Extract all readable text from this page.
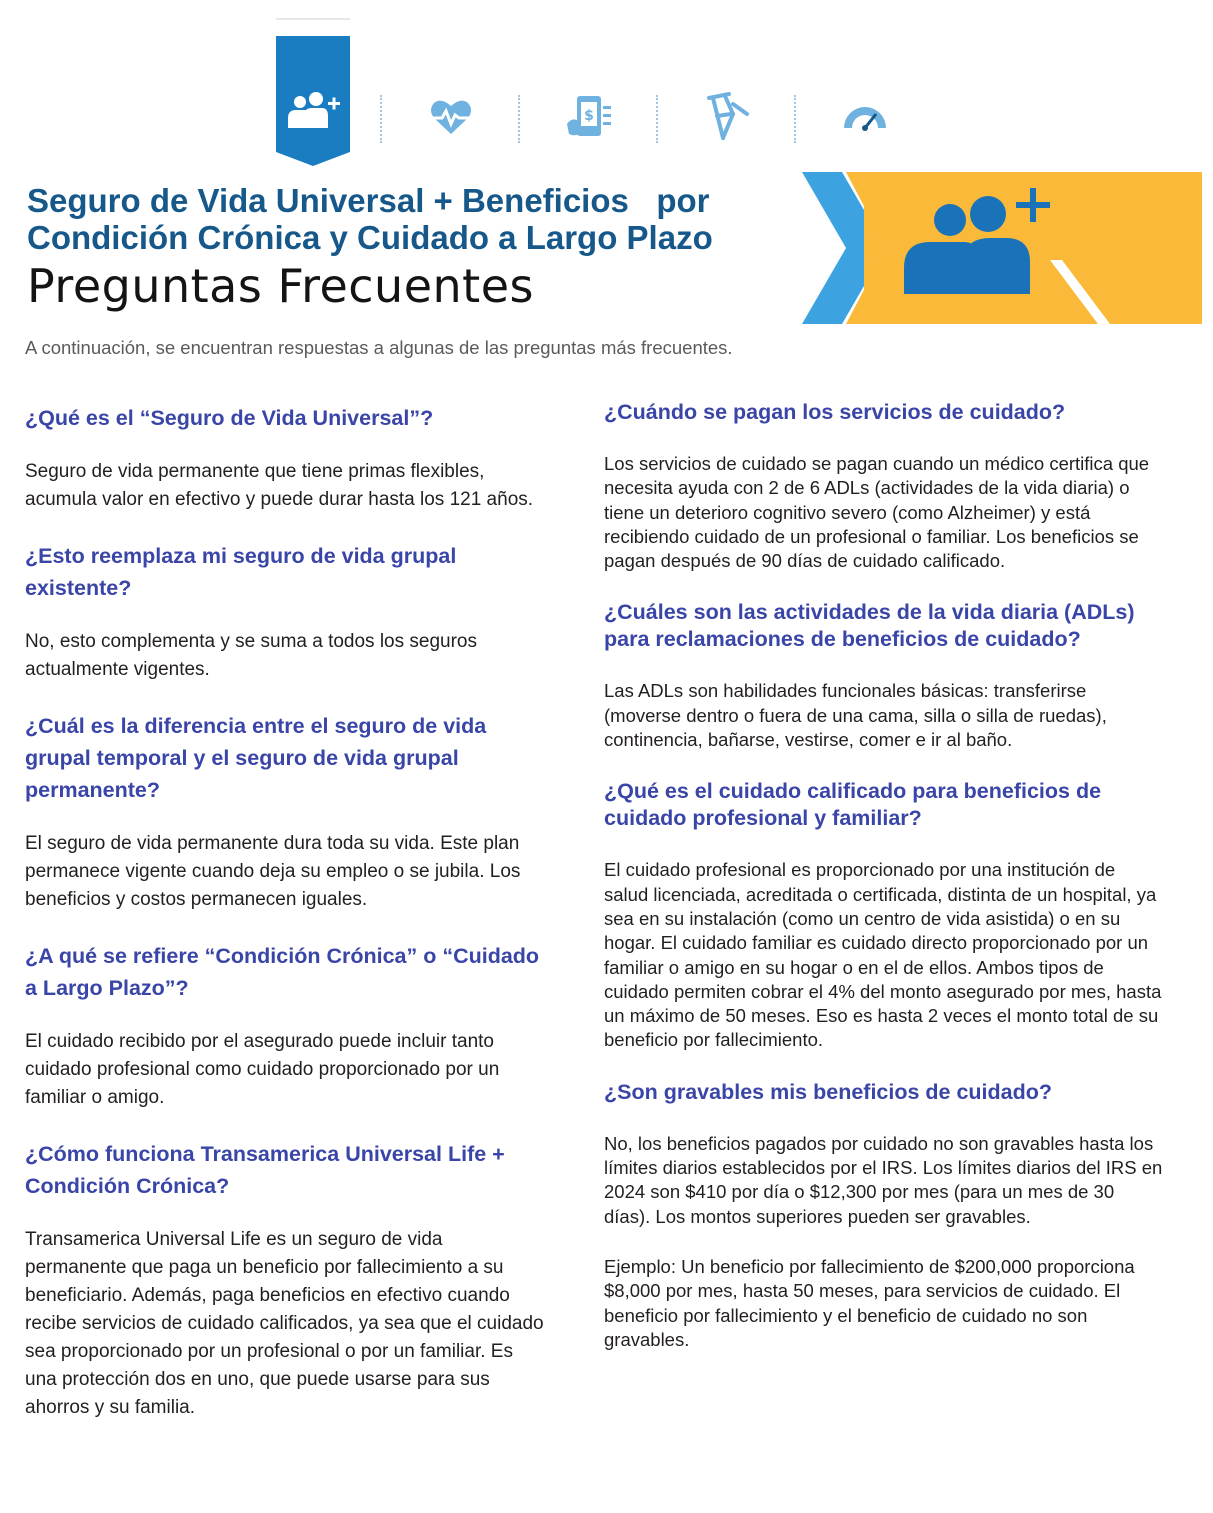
$
Seguro de Vida Universal + Beneficios   por
Condición Crónica y Cuidado a Largo Plazo
Preguntas Frecuentes

A continuación, se encuentran respuestas a algunas de las preguntas más frecuentes.

¿Qué es el “Seguro de Vida Universal”?

Seguro de vida permanente que tiene primas flexibles, acumula valor en efectivo y puede durar hasta los 121 años.

¿Esto reemplaza mi seguro de vida grupal existente?

No, esto complementa y se suma a todos los seguros actualmente vigentes.

¿Cuál es la diferencia entre el seguro de vida grupal temporal y el seguro de vida grupal permanente?

El seguro de vida permanente dura toda su vida. Este plan permanece vigente cuando deja su empleo o se jubila. Los beneficios y costos permanecen iguales.

¿A qué se refiere “Condición Crónica” o “Cuidado a Largo Plazo”?

El cuidado recibido por el asegurado puede incluir tanto cuidado profesional como cuidado proporcionado por un familiar o amigo.

¿Cómo funciona Transamerica Universal Life + Condición Crónica?

Transamerica Universal Life es un seguro de vida permanente que paga un beneficio por fallecimiento a su beneficiario. Además, paga beneficios en efectivo cuando recibe servicios de cuidado calificados, ya sea que el cuidado sea proporcionado por un profesional o por un familiar. Es una protección dos en uno, que puede usarse para sus ahorros y su familia.

¿Cuándo se pagan los servicios de cuidado?

Los servicios de cuidado se pagan cuando un médico certifica que necesita ayuda con 2 de 6 ADLs (actividades de la vida diaria) o tiene un deterioro cognitivo severo (como Alzheimer) y está recibiendo cuidado de un profesional o familiar. Los beneficios se pagan después de 90 días de cuidado calificado.

¿Cuáles son las actividades de la vida diaria (ADLs) para reclamaciones de beneficios de cuidado?

Las ADLs son habilidades funcionales básicas: transferirse (moverse dentro o fuera de una cama, silla o silla de ruedas), continencia, bañarse, vestirse, comer e ir al baño.

¿Qué es el cuidado calificado para beneficios de cuidado profesional y familiar?

El cuidado profesional es proporcionado por una institución de salud licenciada, acreditada o certificada, distinta de un hospital, ya sea en su instalación (como un centro de vida asistida) o en su hogar. El cuidado familiar es cuidado directo proporcionado por un familiar o amigo en su hogar o en el de ellos. Ambos tipos de cuidado permiten cobrar el 4% del monto asegurado por mes, hasta un máximo de 50 meses. Eso es hasta 2 veces el monto total de su beneficio por fallecimiento.

¿Son gravables mis beneficios de cuidado?

No, los beneficios pagados por cuidado no son gravables hasta los límites diarios establecidos por el IRS. Los límites diarios del IRS en 2024 son $410 por día o $12,300 por mes (para un mes de 30 días). Los montos superiores pueden ser gravables.

Ejemplo: Un beneficio por fallecimiento de $200,000 proporciona $8,000 por mes, hasta 50 meses, para servicios de cuidado. El beneficio por fallecimiento y el beneficio de cuidado no son gravables.
